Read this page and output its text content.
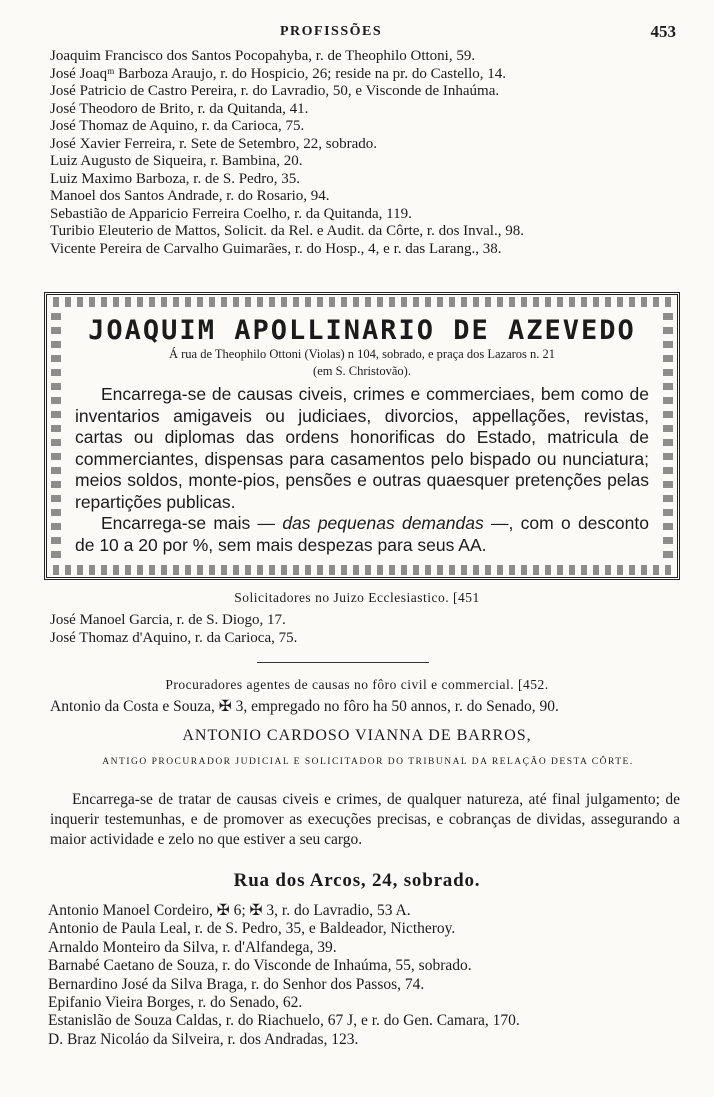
PROFISSÕES	453
Joaquim Francisco dos Santos Pocopahyba, r. de Theophilo Ottoni, 59.
José Joaqᵐ Barboza Araujo, r. do Hospicio, 26; reside na pr. do Castello, 14.
José Patricio de Castro Pereira, r. do Lavradio, 50, e Visconde de Inhaúma.
José Theodoro de Brito, r. da Quitanda, 41.
José Thomaz de Aquino, r. da Carioca, 75.
José Xavier Ferreira, r. Sete de Setembro, 22, sobrado.
Luiz Augusto de Siqueira, r. Bambina, 20.
Luiz Maximo Barboza, r. de S. Pedro, 35.
Manoel dos Santos Andrade, r. do Rosario, 94.
Sebastião de Apparicio Ferreira Coelho, r. da Quitanda, 119.
Turibio Eleuterio de Mattos, Solicit. da Rel. e Audit. da Côrte, r. dos Inval., 98.
Vicente Pereira de Carvalho Guimarães, r. do Hosp., 4, e r. das Larang., 38.
JOAQUIM APOLLINARIO DE AZEVEDO
Á rua de Theophilo Ottoni (Violas) n 104, sobrado, e praça dos Lazaros n. 21
(em S. Christovão).

Encarrega-se de causas civeis, crimes e commerciaes, bem como de inventarios amigaveis ou judiciaes, divorcios, appellações, revistas, cartas ou diplomas das ordens honorificas do Estado, matricula de commerciantes, dispensas para casamentos pelo bispado ou nunciatura; meios soldos, monte-pios, pensões e outras quaesquer pretenções pelas repartições publicas.

Encarrega-se mais — das pequenas demandas —, com o desconto de 10 a 20 por %, sem mais despezas para seus AA.

Solicitadores no Juizo Ecclesiastico. [451
José Manoel Garcia, r. de S. Diogo, 17.
José Thomaz d'Aquino, r. da Carioca, 75.
Procuradores agentes de causas no fôro civil e commercial. [452.
Antonio da Costa e Souza, ✠ 3, empregado no fôro ha 50 annos, r. do Senado, 90.
ANTONIO CARDOSO VIANNA DE BARROS,
ANTIGO PROCURADOR JUDICIAL E SOLICITADOR DO TRIBUNAL DA RELAÇÃO DESTA CÔRTE.

Encarrega-se de tratar de causas civeis e crimes, de qualquer natureza, até final julgamento; de inquerir testemunhas, e de promover as execuções precisas, e cobranças de dividas, assegurando a maior actividade e zelo no que estiver a seu cargo.

Rua dos Arcos, 24, sobrado.
Antonio Manoel Cordeiro, ✠ 6; ✠ 3, r. do Lavradio, 53 A.
Antonio de Paula Leal, r. de S. Pedro, 35, e Baldeador, Nictheroy.
Arnaldo Monteiro da Silva, r. d'Alfandega, 39.
Barnabé Caetano de Souza, r. do Visconde de Inhaúma, 55, sobrado.
Bernardino José da Silva Braga, r. do Senhor dos Passos, 74.
Epifanio Vieira Borges, r. do Senado, 62.
Estanislão de Souza Caldas, r. do Riachuelo, 67 J, e r. do Gen. Camara, 170.
D. Braz Nicoláo da Silveira, r. dos Andradas, 123.
